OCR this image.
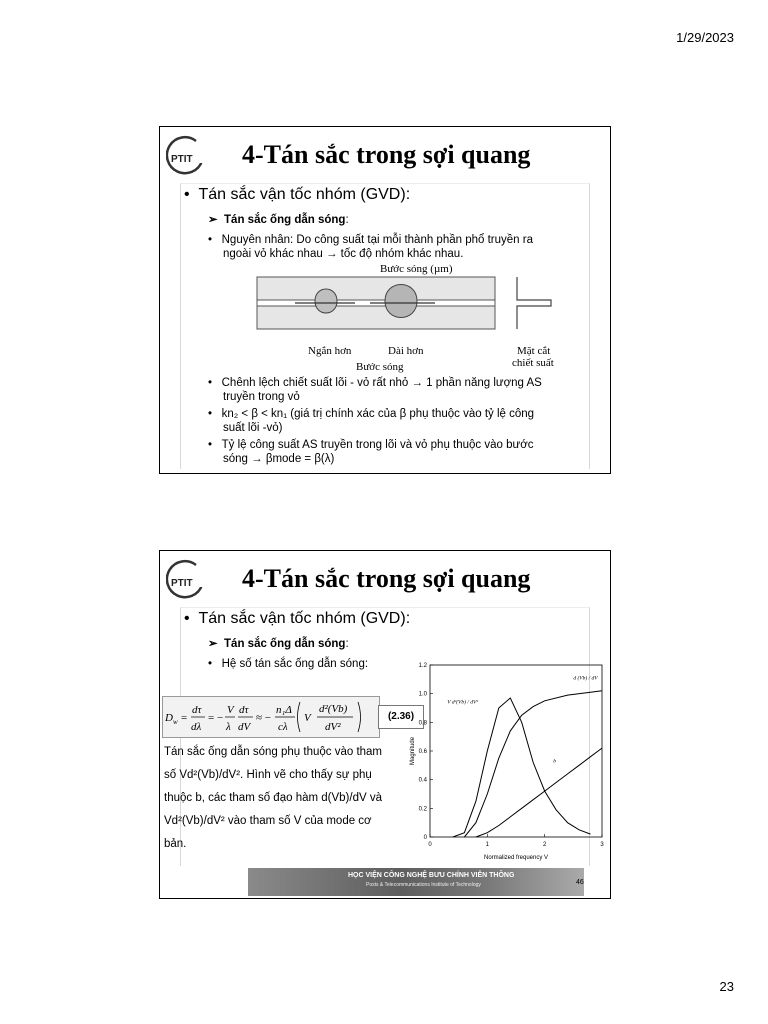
1/29/2023
PTIT 4-Tán sắc trong sợi quang
•  Tán sắc vận tốc nhóm (GVD):
➢  Tán sắc ống dẫn sóng:
•   Nguyên nhân: Do công suất tại mỗi thành phần phổ truyền ra
ngoài vỏ khác nhau → tốc độ nhóm khác nhau.
Bước sóng (µm)
Ngắn hơn	Dài hơn
Bước sóng
Mặt cắt
chiết suất
•   Chênh lệch chiết suất lõi - vỏ rất nhỏ → 1 phần năng lượng AS
truyền trong vỏ
•   kn₂ < β < kn₁ (giá trị chính xác của β phụ thuộc vào tỷ lệ công
suất lõi -vỏ)
•   Tỷ lệ công suất AS truyền trong lõi và vỏ phụ thuộc vào bước
sóng → βmode = β(λ)
PTIT 4-Tán sắc trong sợi quang
•  Tán sắc vận tốc nhóm (GVD):
➢  Tán sắc ống dẫn sóng:
•   Hệ số tán sắc ống dẫn sóng:
D w =
dτ
dλ
= −
V
λ
dτ
dV
≈ −
n₁Δ
cλ
V
d²(Vb)
dV²
(2.36)
Tán sắc ống dẫn sóng phụ thuộc vào tham
số Vd²(Vb)/dV². Hình vẽ cho thấy sự phụ
thuộc b, các tham số đạo hàm d(Vb)/dV và
Vd²(Vb)/dV² vào tham số V của mode cơ
bản.	0	1	2	3
0
0.2
0.4
0.6
0.8
1.0
1.2
Normalized frequency V
Magnitude
d (Vb) / dV
V d²(Vb) / dV²
b
HỌC VIỆN CÔNG NGHỆ BƯU CHÍNH VIỄN THÔNG
Posts & Telecommunications Institute of Technology	46
23
